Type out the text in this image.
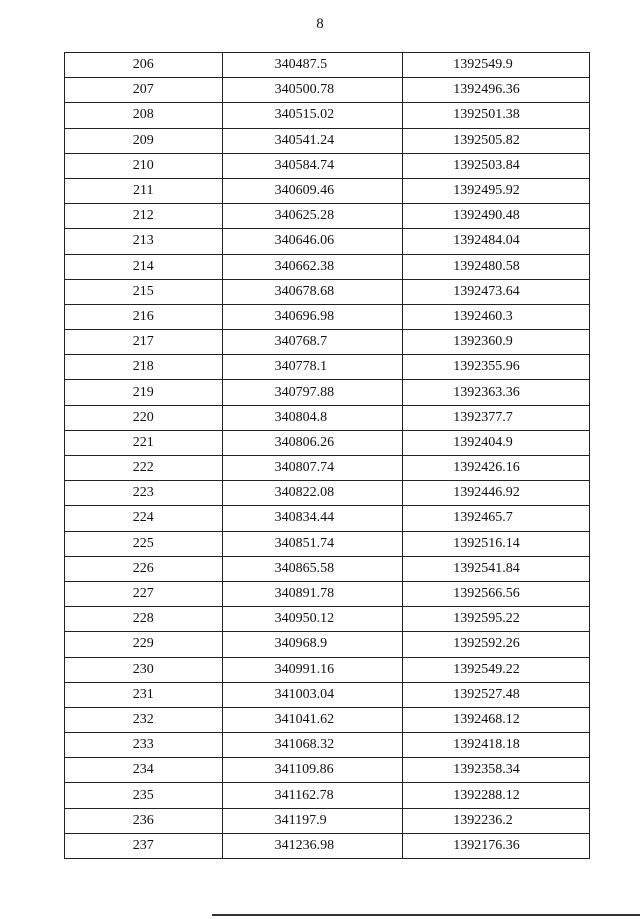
8
206	340487.5	1392549.9
207	340500.78	1392496.36
208	340515.02	1392501.38
209	340541.24	1392505.82
210	340584.74	1392503.84
211	340609.46	1392495.92
212	340625.28	1392490.48
213	340646.06	1392484.04
214	340662.38	1392480.58
215	340678.68	1392473.64
216	340696.98	1392460.3
217	340768.7	1392360.9
218	340778.1	1392355.96
219	340797.88	1392363.36
220	340804.8	1392377.7
221	340806.26	1392404.9
222	340807.74	1392426.16
223	340822.08	1392446.92
224	340834.44	1392465.7
225	340851.74	1392516.14
226	340865.58	1392541.84
227	340891.78	1392566.56
228	340950.12	1392595.22
229	340968.9	1392592.26
230	340991.16	1392549.22
231	341003.04	1392527.48
232	341041.62	1392468.12
233	341068.32	1392418.18
234	341109.86	1392358.34
235	341162.78	1392288.12
236	341197.9	1392236.2
237	341236.98	1392176.36
